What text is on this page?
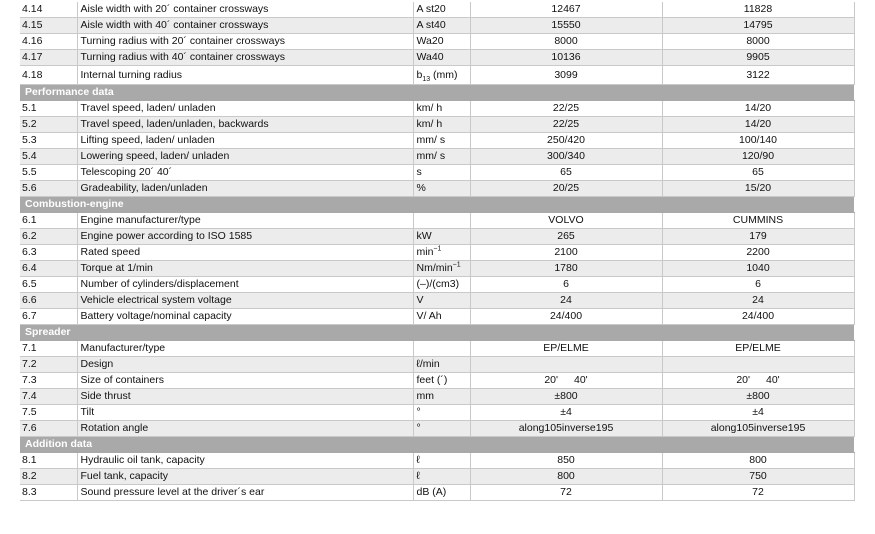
4.14	Aisle width with 20´ container crossways	A st20	12467	11828
4.15	Aisle width with 40´ container crossways	A st40	15550	14795
4.16	Turning radius with 20´ container crossways	Wa20	8000	8000
4.17	Turning radius with 40´ container crossways	Wa40	10136	9905
4.18	Internal turning radius	$b_{13}$ (mm)	3099	3122
Performance data				
5.1	Travel speed, laden/ unladen	km/ h	22/25	14/20
5.2	Travel speed, laden/unladen, backwards	km/ h	22/25	14/20
5.3	Lifting speed, laden/ unladen	mm/ s	250/420	100/140
5.4	Lowering speed, laden/ unladen	mm/ s	300/340	120/90
5.5	Telescoping 20´ 40´	s	65	65
5.6	Gradeability, laden/unladen	%	20/25	15/20
Combustion-engine				
6.1	Engine manufacturer/type		VOLVO	CUMMINS
6.2	Engine power according to ISO 1585	kW	265	179
6.3	Rated speed	$\min^{-1}$	2100	2200
6.4	Torque at 1/min	$Nm/\min^{-1}$	1780	1040
6.5	Number of cylinders/displacement	(–)/(cm3)	6	6
6.6	Vehicle electrical system voltage	V	24	24
6.7	Battery voltage/nominal capacity	V/ Ah	24/400	24/400
Spreader				
7.1	Manufacturer/type		EP/ELME	EP/ELME
7.2	Design	ℓ/min		
7.3	Size of containers	feet (´)	20' 40'	20' 40'
7.4	Side thrust	mm	±800	±800
7.5	Tilt	°	±4	±4
7.6	Rotation angle	°	along105inverse195	along105inverse195
Addition data				
8.1	Hydraulic oil tank, capacity	ℓ	850	800
8.2	Fuel tank, capacity	ℓ	800	750
8.3	Sound pressure level at the driver´s ear	dB (A)	72	72
